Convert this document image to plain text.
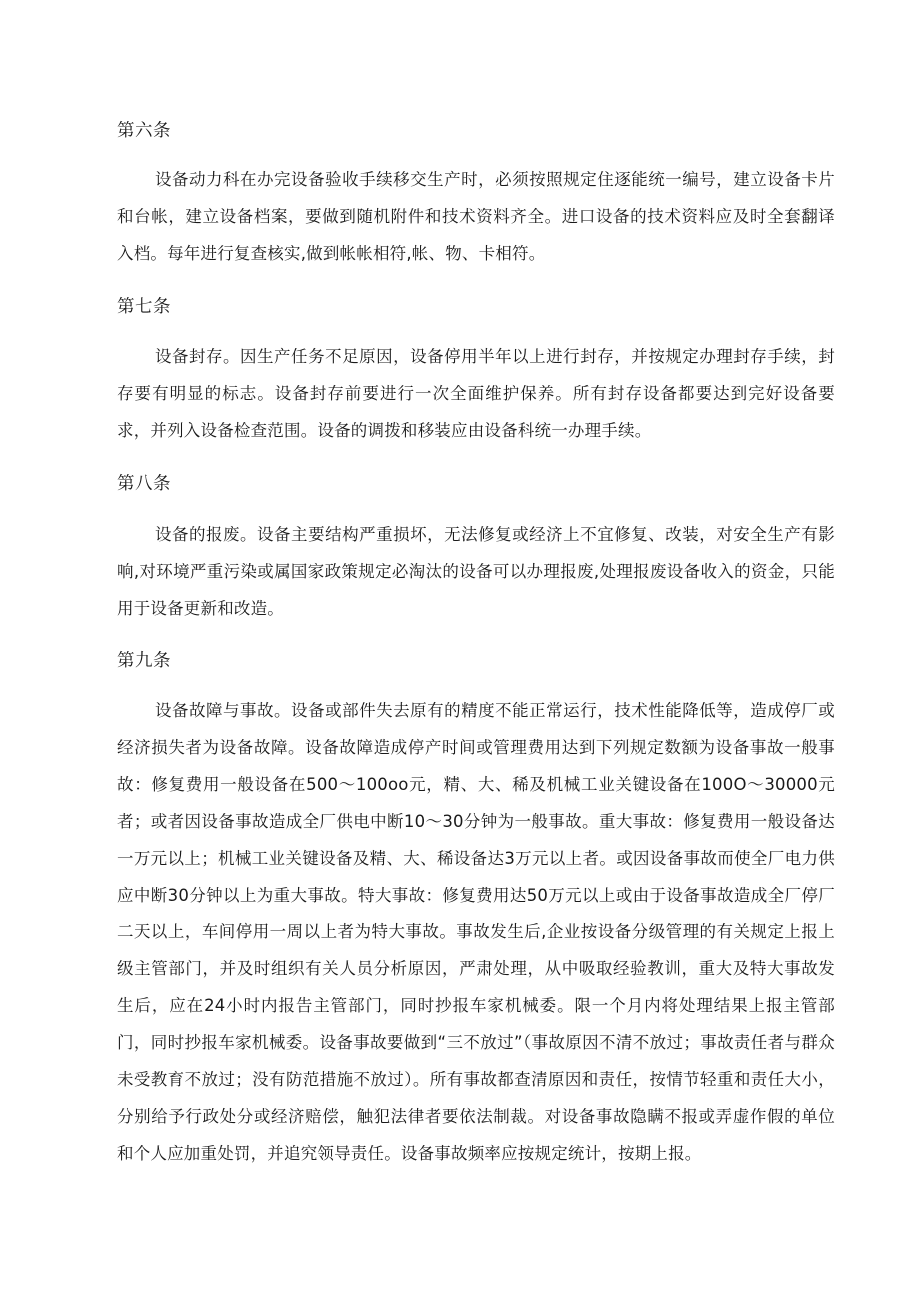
第六条

设备动力科在办完设备验收手续移交生产时，必须按照规定住逐能统一编号，建立设备卡片和台帐，建立设备档案，要做到随机附件和技术资料齐全。进口设备的技术资料应及时全套翻译入档。每年进行复查核实,做到帐帐相符,帐、物、卡相符。

第七条

设备封存。因生产任务不足原因，设备停用半年以上进行封存，并按规定办理封存手续，封存要有明显的标志。设备封存前要进行一次全面维护保养。所有封存设备都要达到完好设备要求，并列入设备检查范围。设备的调拨和移装应由设备科统一办理手续。

第八条

设备的报废。设备主要结构严重损坏，无法修复或经济上不宜修复、改装，对安全生产有影响,对环境严重污染或属国家政策规定必淘汰的设备可以办理报废,处理报废设备收入的资金，只能用于设备更新和改造。

第九条

设备故障与事故。设备或部件失去原有的精度不能正常运行，技术性能降低等，造成停厂或经济损失者为设备故障。设备故障造成停产时间或管理费用达到下列规定数额为设备事故一般事故：修复费用一般设备在500～100oo元，精、大、稀及机械工业关键设备在100O～30000元者；或者因设备事故造成全厂供电中断10～30分钟为一般事故。重大事故：修复费用一般设备达一万元以上；机械工业关键设备及精、大、稀设备达3万元以上者。或因设备事故而使全厂电力供应中断30分钟以上为重大事故。特大事故：修复费用达50万元以上或由于设备事故造成全厂停厂二天以上，车间停用一周以上者为特大事故。事故发生后,企业按设备分级管理的有关规定上报上级主管部门，并及时组织有关人员分析原因，严肃处理，从中吸取经验教训，重大及特大事故发生后，应在24小时内报告主管部门，同时抄报车家机械委。限一个月内将处理结果上报主管部门，同时抄报车家机械委。设备事故要做到“三不放过”（事故原因不清不放过；事故责任者与群众未受教育不放过；没有防范措施不放过）。所有事故都查清原因和责任，按情节轻重和责任大小，分别给予行政处分或经济赔偿，触犯法律者要依法制裁。对设备事故隐瞒不报或弄虚作假的单位和个人应加重处罚，并追究领导责任。设备事故频率应按规定统计，按期上报。
